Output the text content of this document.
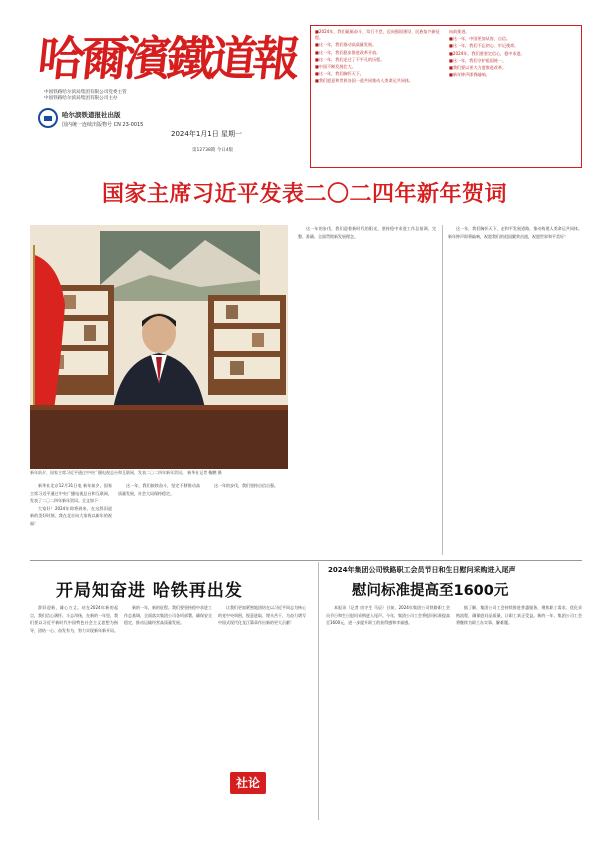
哈爾濱鐵道報
中国铁路哈尔滨局集团有限公司党委主管
中国铁路哈尔滨局集团有限公司主办
哈尔滨铁道报社出版
国内统一连续出版物号 CN 23-0015
2024年1月1日 星期一
第12738期 今日4版
■2024年，我们砥砺奋斗、笃行不怠，迈向强国建设、民族复兴新征程。
■这一年，我们推动高质量发展。
■这一年，我们稳步推进改革开放。
■这一年，我们走过了不平凡的历程。
■中国不断发展壮大。
■这一年，我们胸怀天下。
■我们愿意和世界各国一道共同推动人类命运共同体。
向前推进。
■这一年，中国更加从容、自信。
■这一年，我们不忘初心、牢记使命。
■2024年，我们要坚定信心，稳中求进。
■这一年，我们守护祖国统一。
■我们要以更大力度推进改革。
■新年钟声即将敲响。
国家主席习近平发表二〇二四年新年贺词
新年前夕，国家主席习近平通过中央广播电视总台和互联网，发表二〇二四年新年贺词。 新华社记者 鞠鹏 摄

这一年的步伐，我们迎着新时代的阳光，坚持稳中求进工作总基调，完整、准确、全面贯彻新发展理念。

这一年，我们胸怀天下，走和平发展道路，推动构建人类命运共同体。新年钟声即将敲响，祝愿我们的祖国繁荣昌盛，祝愿世界和平美好！

新华社北京12月31日电 新年前夕，国家主席习近平通过中央广播电视总台和互联网，发表了二〇二四年新年贺词。全文如下：

大家好！2024年即将到来，在这辞旧迎新的美好时刻，我在北京向大家致以新年的祝福！

这一年，我们接续奋斗，坚定不移推动高质量发展，社会大局保持稳定。

这一年的步伐，我们坚持自信自强。

开局知奋进 哈铁再出发

辞旧迎新，雄心万丈。站在2024年新的起点，我们信心满怀、斗志昂扬，在新的一年里，我们要以习近平新时代中国特色社会主义思想为指导，团结一心、奋发有为，努力实现新年新开局。

新的一年，新的征程。我们要坚持稳中求进工作总基调，全面落实集团公司各项部署，确保安全稳定，推动运输经营高质量发展。

让我们更加紧密地团结在以习近平同志为核心的党中央周围，锐意进取、埋头苦干，为奋力谱写中国式现代化龙江篇章作出新的更大贡献！

社论
2024年集团公司铁路职工会员节日和生日慰问采购进入尾声
慰问标准提高至1600元

本报讯（记者 房守生 马辰）日前，2024年集团公司铁路职工会员节日和生日慰问采购进入尾声。今年，集团公司工会将慰问标准提高至1600元，进一步提升职工的获得感和幸福感。

据了解，集团公司工会持续推进普惠服务，聚焦职工需求，优化采购流程，确保慰问品质量，让职工真正受益。新的一年，集团公司工会将继续为职工办实事、解难题。
